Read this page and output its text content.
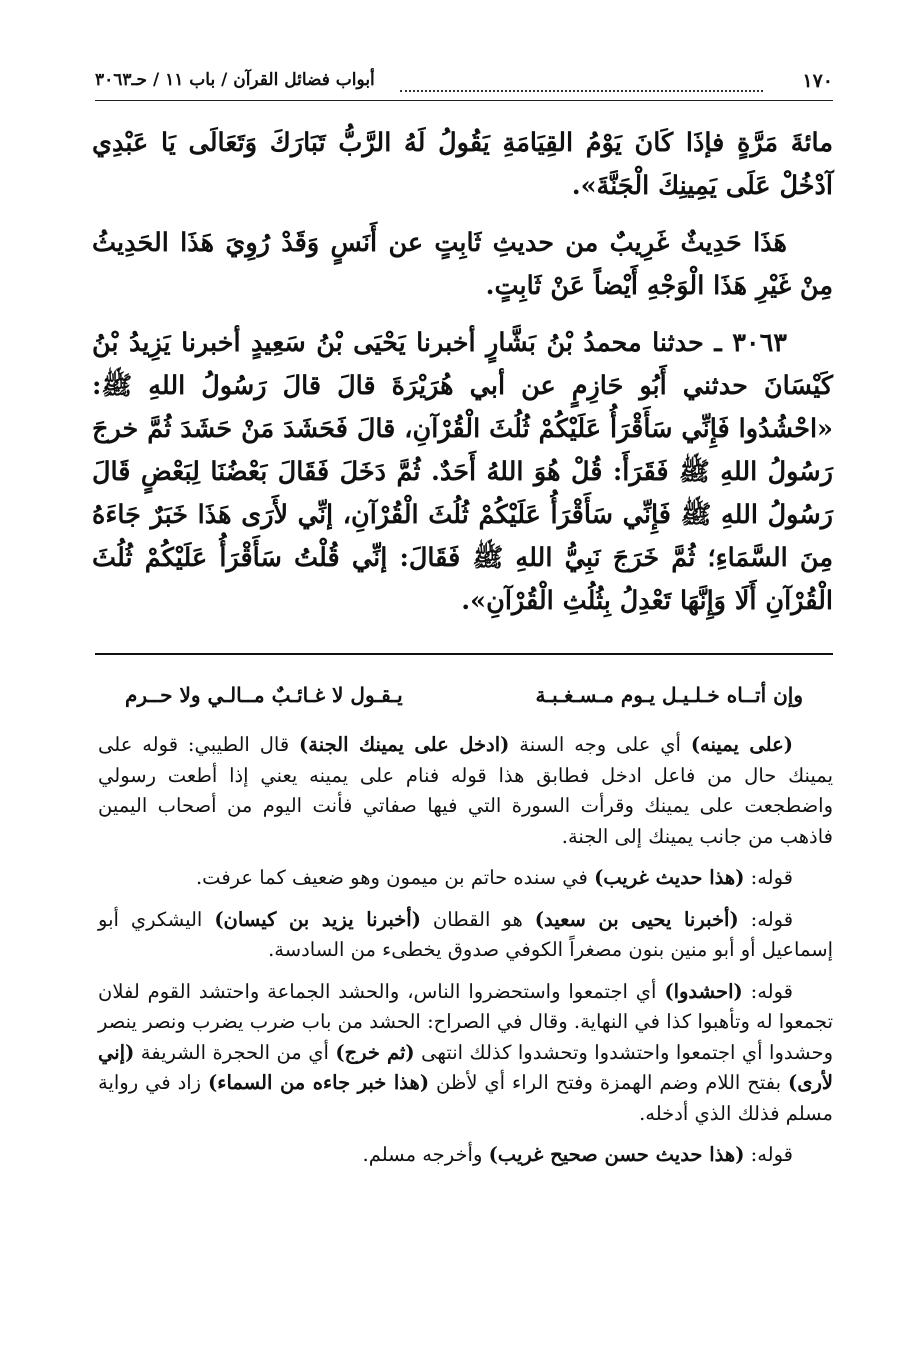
١٧٠
أبواب فضائل القرآن / باب ١١ / حـ٣٠٦٣

مائةَ مَرَّةٍ فإذَا كَانَ يَوْمُ القِيَامَةِ يَقُولُ لَهُ الرَّبُّ تَبَارَكَ وَتَعَالَى يَا عَبْدِي آدْخُلْ عَلَى يَمِينِكَ الْجَنَّةَ».

هَذَا حَدِيثٌ غَرِيبٌ من حديثِ ثَابِتٍ عن أَنَسٍ وَقَدْ رُوِيَ هَذَا الحَدِيثُ مِنْ غَيْرِ هَذَا الْوَجْهِ أَيْضاً عَنْ ثَابِتٍ.

٣٠٦٣ ـ حدثنا محمدُ بْنُ بَشَّارٍ أخبرنا يَحْيَى بْنُ سَعِيدٍ أخبرنا يَزِيدُ بْنُ كَيْسَانَ حدثني أَبُو حَازِمٍ عن أبي هُرَيْرَةَ قالَ قالَ رَسُولُ اللهِ ﷺ: «احْشُدُوا فَإِنِّي سَأَقْرَأُ عَلَيْكُمْ ثُلُثَ الْقُرْآنِ، قالَ فَحَشَدَ مَنْ حَشَدَ ثُمَّ خرجَ رَسُولُ اللهِ ﷺ فَقَرَأَ: قُلْ هُوَ اللهُ أَحَدٌ. ثُمَّ دَخَلَ فَقَالَ بَعْضُنَا لِبَعْضٍ قَالَ رَسُولُ اللهِ ﷺ فَإِنِّي سَأَقْرَأُ عَلَيْكُمْ ثُلُثَ الْقُرْآنِ، إنِّي لأَرَى هَذَا خَبَرٌ جَاءَهُ مِنَ السَّمَاءِ؛ ثُمَّ خَرَجَ نَبِيُّ اللهِ ﷺ فَقَالَ: إنِّي قُلْتُ سَأَقْرَأُ عَلَيْكُمْ ثُلُثَ الْقُرْآنِ أَلَا وَإِنَّهَا تَعْدِلُ بِثُلُثِ الْقُرْآنِ».

وإن أتــاه خـلـيـل يـوم مـسـغـبـة
يـقـول لا غـائـبٌ مــالـي ولا حــرم

(على يمينه) أي على وجه السنة (ادخل على يمينك الجنة) قال الطيبي: قوله على يمينك حال من فاعل ادخل فطابق هذا قوله فنام على يمينه يعني إذا أطعت رسولي واضطجعت على يمينك وقرأت السورة التي فيها صفاتي فأنت اليوم من أصحاب اليمين فاذهب من جانب يمينك إلى الجنة.

قوله: (هذا حديث غريب) في سنده حاتم بن ميمون وهو ضعيف كما عرفت.

قوله: (أخبرنا يحيى بن سعيد) هو القطان (أخبرنا يزيد بن كيسان) اليشكري أبو إسماعيل أو أبو منين بنون مصغراً الكوفي صدوق يخطىء من السادسة.

قوله: (احشدوا) أي اجتمعوا واستحضروا الناس، والحشد الجماعة واحتشد القوم لفلان تجمعوا له وتأهبوا كذا في النهاية. وقال في الصراح: الحشد من باب ضرب يضرب ونصر ينصر وحشدوا أي اجتمعوا واحتشدوا وتحشدوا كذلك انتهى (ثم خرج) أي من الحجرة الشريفة (إني لأرى) بفتح اللام وضم الهمزة وفتح الراء أي لأظن (هذا خبر جاءه من السماء) زاد في رواية مسلم فذلك الذي أدخله.

قوله: (هذا حديث حسن صحيح غريب) وأخرجه مسلم.
